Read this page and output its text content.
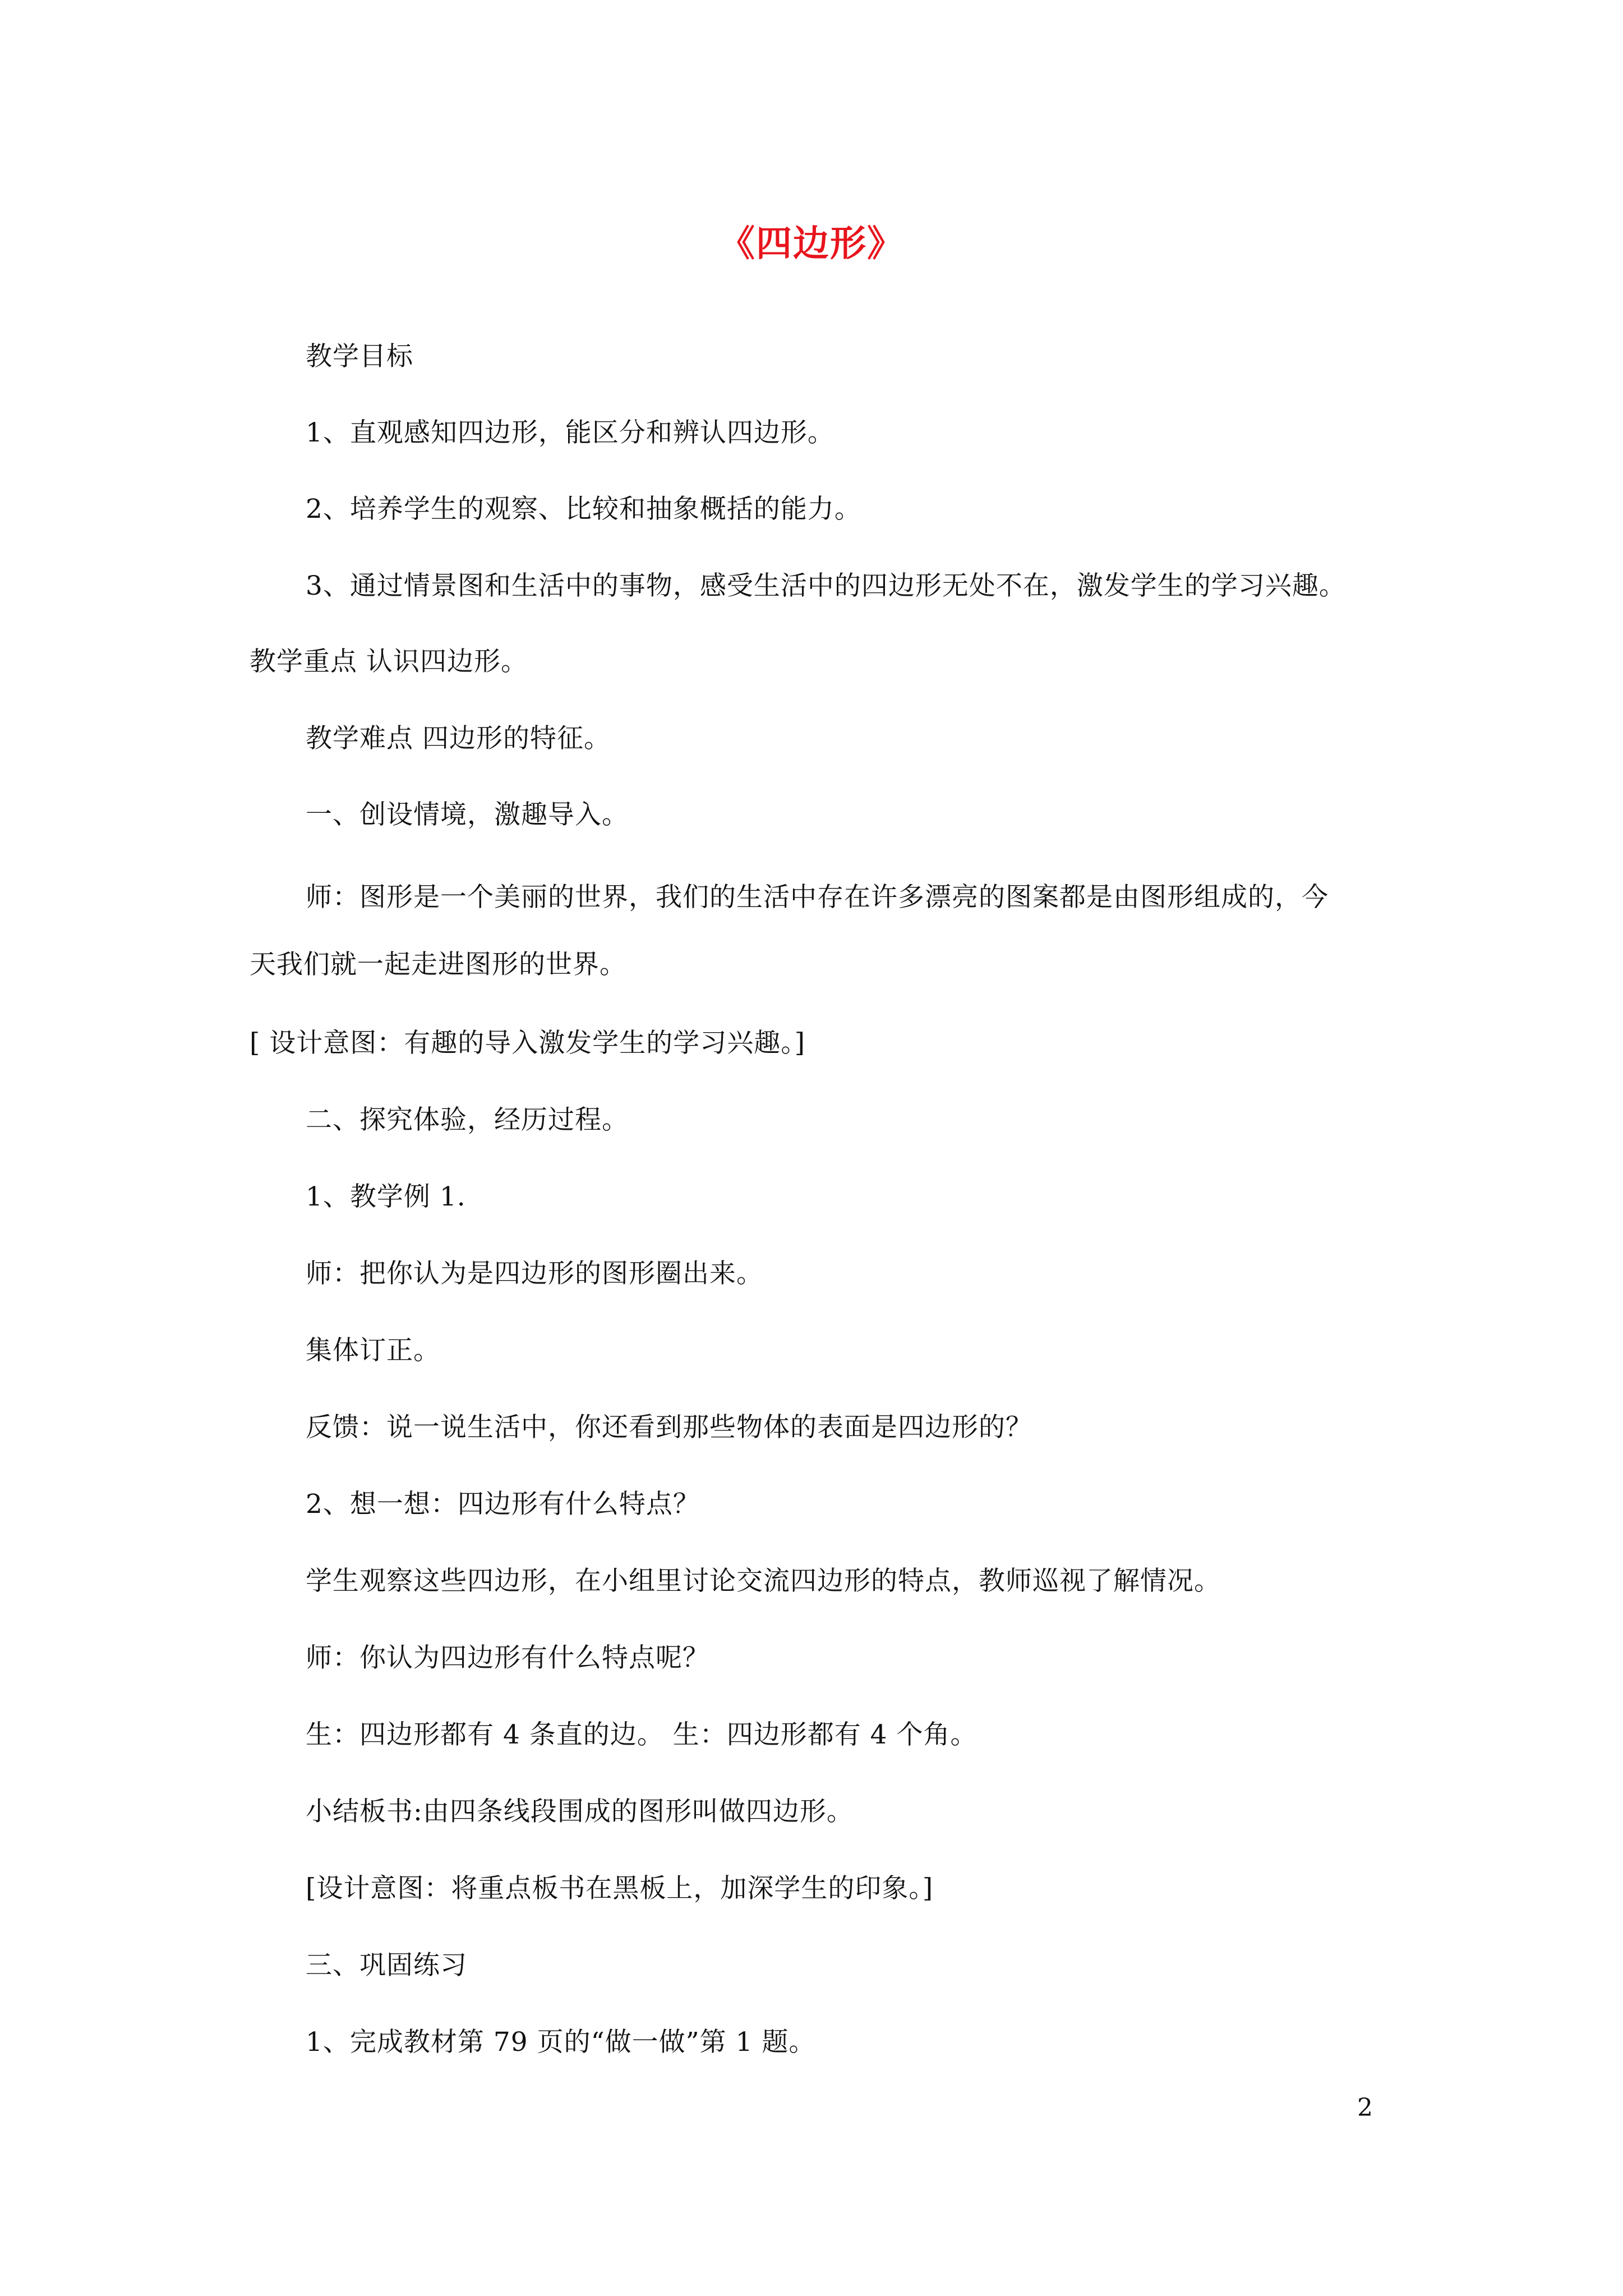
《四边形》
教学目标
1、直观感知四边形，能区分和辨认四边形。
2、培养学生的观察、比较和抽象概括的能力。
3、通过情景图和生活中的事物，感受生活中的四边形无处不在，激发学生的学习兴趣。
教学重点 认识四边形。
教学难点 四边形的特征。
一、创设情境，激趣导入。
师：图形是一个美丽的世界，我们的生活中存在许多漂亮的图案都是由图形组成的，今
天我们就一起走进图形的世界。
[ 设计意图：有趣的导入激发学生的学习兴趣。]
二、探究体验，经历过程。
1、教学例 1.
师：把你认为是四边形的图形圈出来。
集体订正。
反馈：说一说生活中，你还看到那些物体的表面是四边形的？
2、想一想：四边形有什么特点？
学生观察这些四边形，在小组里讨论交流四边形的特点，教师巡视了解情况。
师：你认为四边形有什么特点呢？
生：四边形都有 4 条直的边。 生：四边形都有 4 个角。
小结板书:由四条线段围成的图形叫做四边形。
[设计意图：将重点板书在黑板上，加深学生的印象。]
三、巩固练习
1、完成教材第 79 页的“做一做”第 1 题。
2
